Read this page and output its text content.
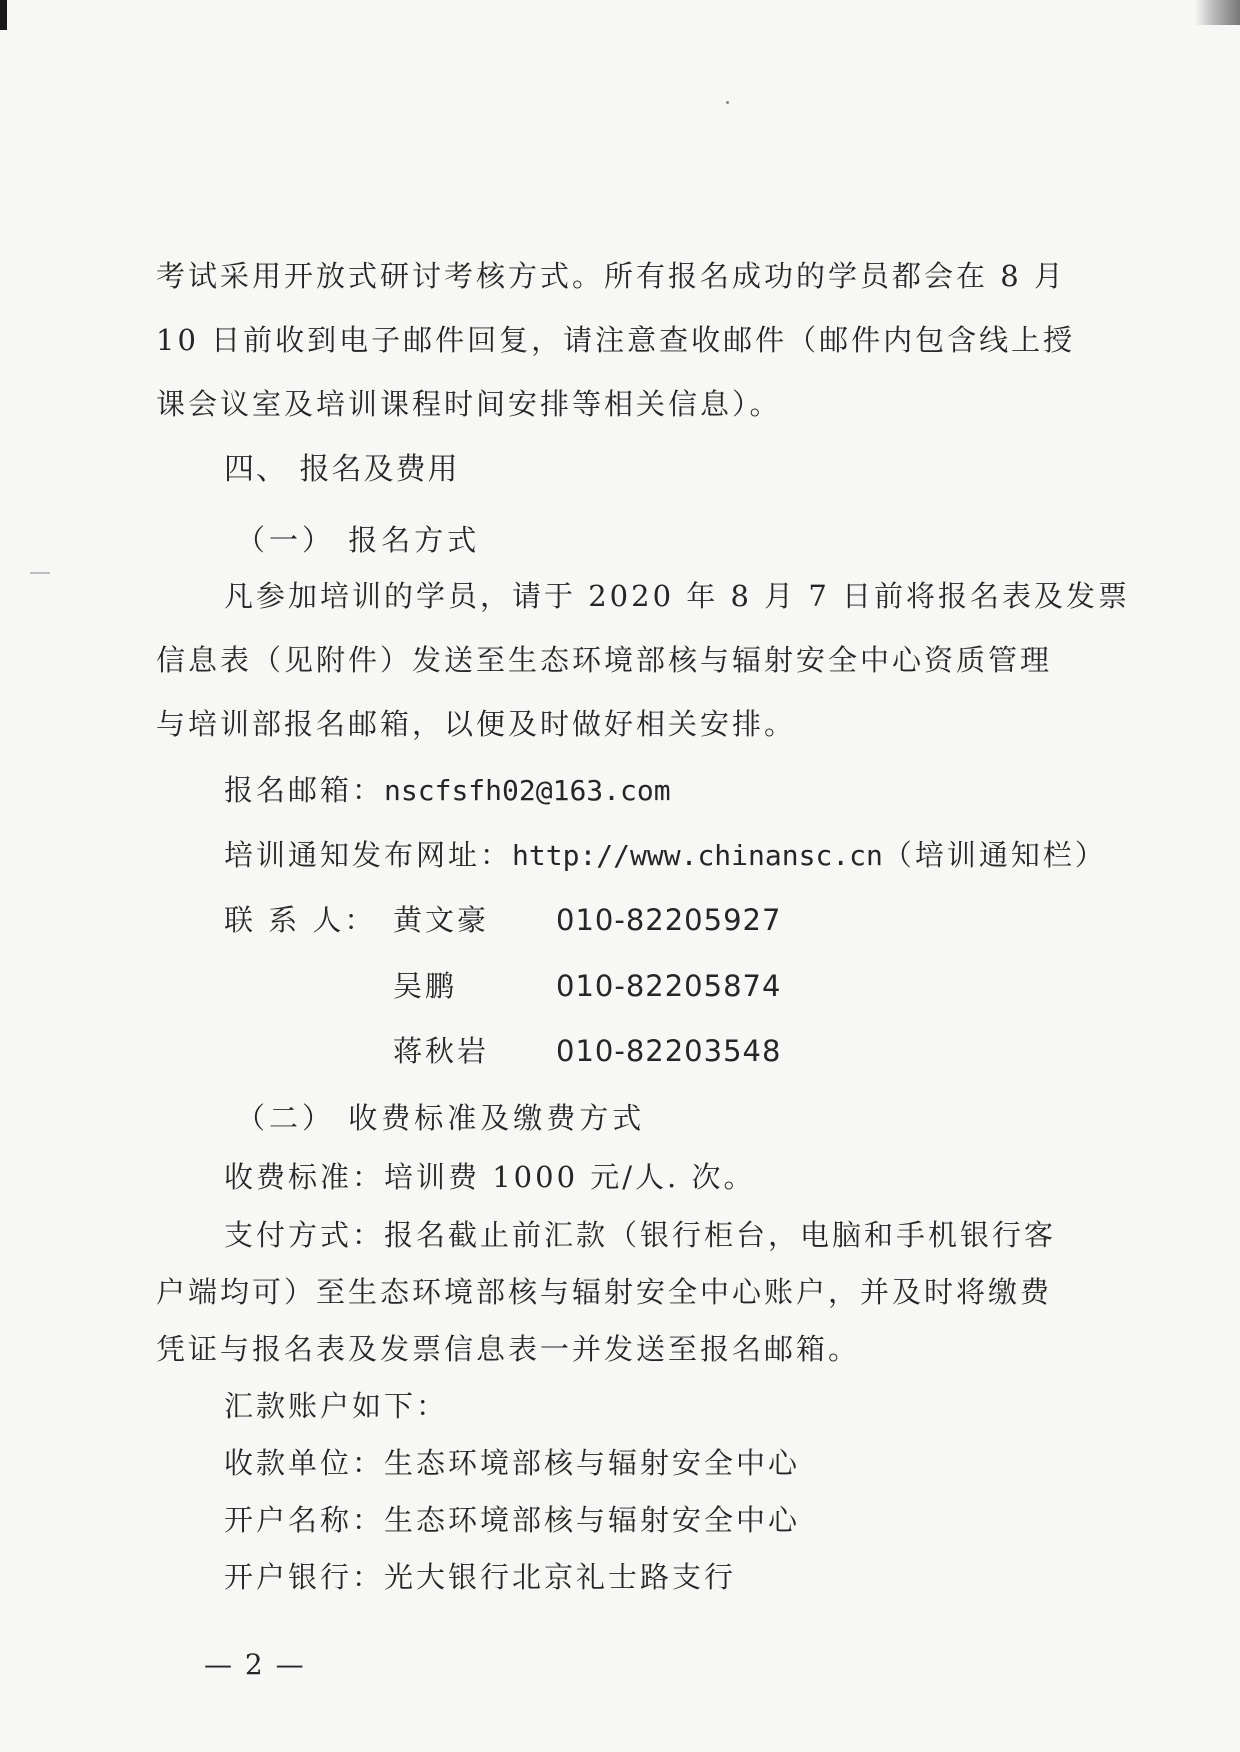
考试采用开放式研讨考核方式。所有报名成功的学员都会在 8 月
10 日前收到电子邮件回复，请注意查收邮件（邮件内包含线上授
课会议室及培训课程时间安排等相关信息）。
四、 报名及费用
（一） 报名方式
凡参加培训的学员，请于 2020 年 8 月 7 日前将报名表及发票
信息表（见附件）发送至生态环境部核与辐射安全中心资质管理
与培训部报名邮箱，以便及时做好相关安排。
报名邮箱：nscfsfh02@163.com
培训通知发布网址：http://www.chinansc.cn（培训通知栏）
联 系 人： 黄文豪 010-82205927
吴鹏	010-82205874
蒋秋岩 010-82203548
（二） 收费标准及缴费方式
收费标准：培训费 1000 元/人. 次。
支付方式：报名截止前汇款（银行柜台，电脑和手机银行客
户端均可）至生态环境部核与辐射安全中心账户，并及时将缴费
凭证与报名表及发票信息表一并发送至报名邮箱。
汇款账户如下：
收款单位：生态环境部核与辐射安全中心
开户名称：生态环境部核与辐射安全中心
开户银行：光大银行北京礼士路支行
— 2 —
